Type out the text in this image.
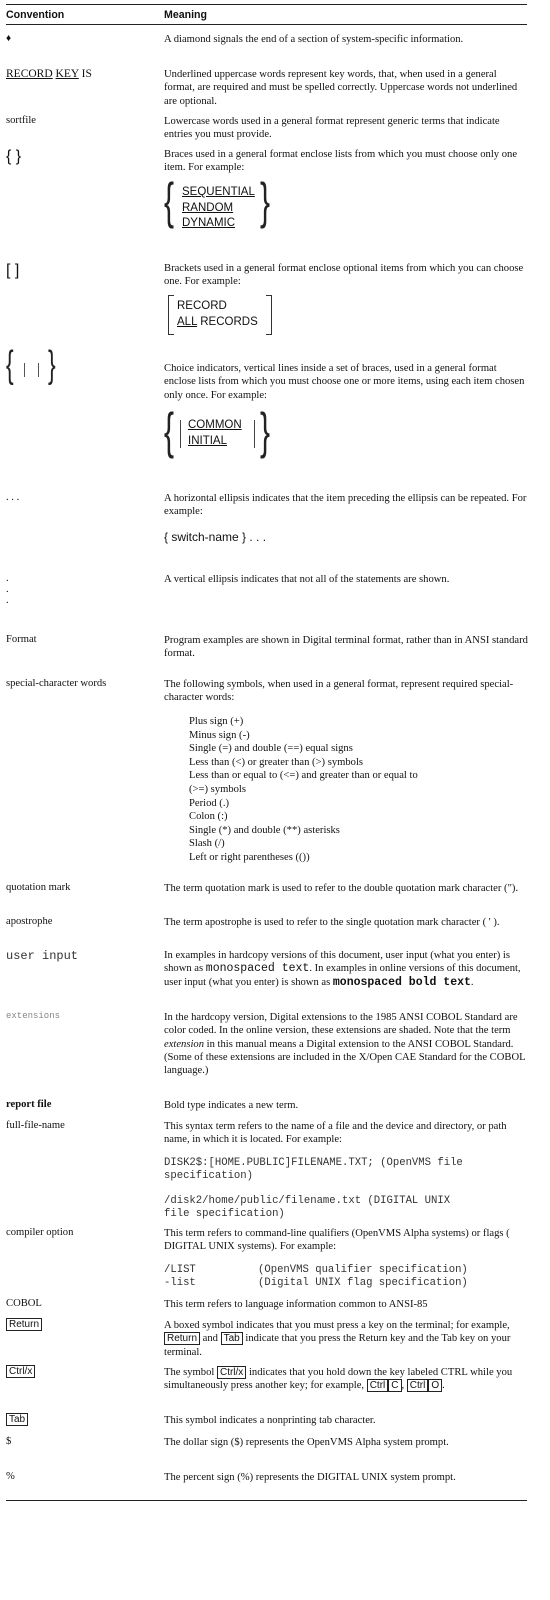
Convention	Meaning
♦	A diamond signals the end of a section of system-specific information.
RECORD KEY IS	Underlined uppercase words represent key words, that, when used in a general format, are required and must be spelled correctly. Uppercase words not underlined are optional.
sortfile	Lowercase words used in a general format represent generic terms that indicate entries you must provide.
{ }	Braces used in a general format enclose lists from which you must choose only one item. For example:
{ SEQUENTIAL
RANDOM
DYNAMIC }
[ ]	Brackets used in a general format enclose optional items from which you can choose one. For example:
RECORD
ALL RECORDS
{ }	Choice indicators, vertical lines inside a set of braces, used in a general format enclose lists from which you must choose one or more items, using each item chosen only once. For example:
{ COMMON
INITIAL }
. . .	A horizontal ellipsis indicates that the item preceding the ellipsis can be repeated. For example:
{ switch-name } . . .
.
.
.
A vertical ellipsis indicates that not all of the statements are shown.
Format	Program examples are shown in Digital terminal format, rather than in ANSI standard format.
special-character words	The following symbols, when used in a general format, represent required special-character words:
Plus sign (+)
Minus sign (-)
Single (=) and double (==) equal signs
Less than (<) or greater than (>) symbols
Less than or equal to (<=) and greater than or equal to
(>=) symbols
Period (.)
Colon (:)
Single (*) and double (**) asterisks
Slash (/)
Left or right parentheses (())
quotation mark	The term quotation mark is used to refer to the double quotation mark character (").
apostrophe	The term apostrophe is used to refer to the single quotation mark character ( ' ).
user input	In examples in hardcopy versions of this document, user input (what you enter) is shown as monospaced text. In examples in online versions of this document, user input (what you enter) is shown as monospaced bold text.
extensions	In the hardcopy version, Digital extensions to the 1985 ANSI COBOL Standard are color coded. In the online version, these extensions are shaded. Note that the term extension in this manual means a Digital extension to the ANSI COBOL Standard. (Some of these extensions are included in the X/Open CAE Standard for the COBOL language.)
report file	Bold type indicates a new term.
full-file-name	This syntax term refers to the name of a file and the device and directory, or path name, in which it is located. For example:
DISK2$:[HOME.PUBLIC]FILENAME.TXT; (OpenVMS file
specification)
/disk2/home/public/filename.txt (DIGITAL UNIX
file specification)
compiler option	This term refers to command-line qualifiers (OpenVMS Alpha systems) or flags ( DIGITAL UNIX systems). For example:
/LIST	(OpenVMS qualifier specification)
-list	(Digital UNIX flag specification)
COBOL	This term refers to language information common to ANSI-85
Return	A boxed symbol indicates that you must press a key on the terminal; for example, Return and Tab indicate that you press the Return key and the Tab key on your terminal.
Ctrl/x	The symbol Ctrl/x indicates that you hold down the key labeled CTRL while you simultaneously press another key; for example, Ctrl C , Ctrl O .
Tab	This symbol indicates a nonprinting tab character.
$	The dollar sign ($) represents the OpenVMS Alpha system prompt.
%	The percent sign (%) represents the DIGITAL UNIX system prompt.
